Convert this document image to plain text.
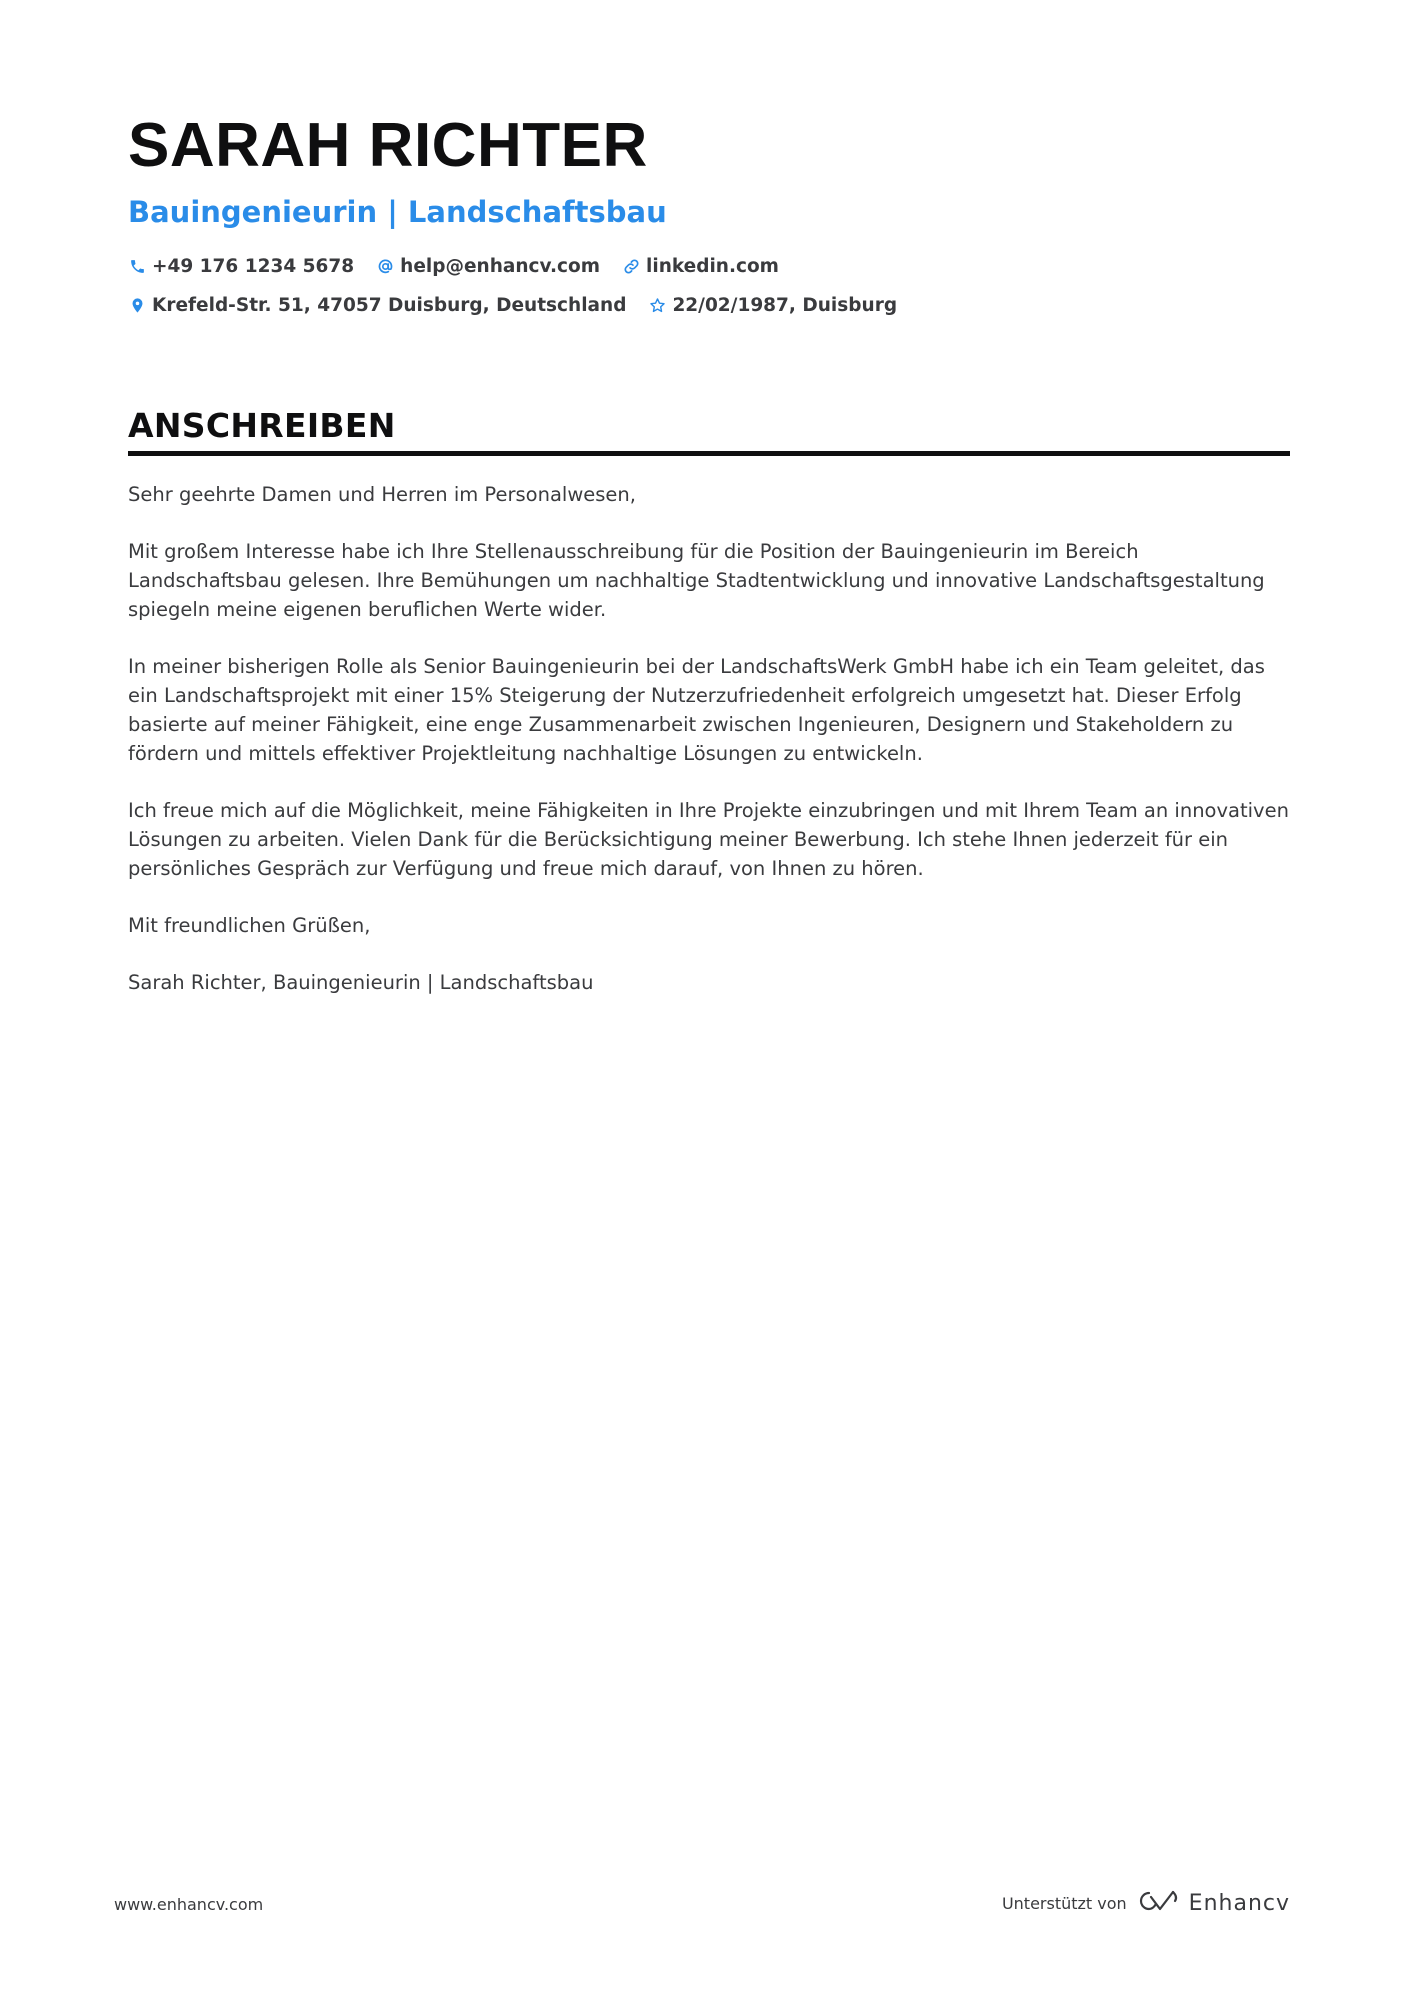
SARAH RICHTER
Bauingenieurin | Landschaftsbau
+49 176 1234 5678 help@enhancv.com linkedin.com
Krefeld-Str. 51, 47057 Duisburg, Deutschland 22/02/1987, Duisburg
ANSCHREIBEN

Sehr geehrte Damen und Herren im Personalwesen,

Mit großem Interesse habe ich Ihre Stellenausschreibung für die Position der Bauingenieurin im Bereich Landschaftsbau gelesen. Ihre Bemühungen um nachhaltige Stadtentwicklung und innovative Landschaftsgestaltung spiegeln meine eigenen beruflichen Werte wider.

In meiner bisherigen Rolle als Senior Bauingenieurin bei der LandschaftsWerk GmbH habe ich ein Team geleitet, das ein Landschaftsprojekt mit einer 15% Steigerung der Nutzerzufriedenheit erfolgreich umgesetzt hat. Dieser Erfolg basierte auf meiner Fähigkeit, eine enge Zusammenarbeit zwischen Ingenieuren, Designern und Stakeholdern zu fördern und mittels effektiver Projektleitung nachhaltige Lösungen zu entwickeln.

Ich freue mich auf die Möglichkeit, meine Fähigkeiten in Ihre Projekte einzubringen und mit Ihrem Team an innovativen Lösungen zu arbeiten. Vielen Dank für die Berücksichtigung meiner Bewerbung. Ich stehe Ihnen jederzeit für ein persönliches Gespräch zur Verfügung und freue mich darauf, von Ihnen zu hören.

Mit freundlichen Grüßen,

Sarah Richter, Bauingenieurin | Landschaftsbau

www.enhancv.com	Unterstützt von	Enhancv
